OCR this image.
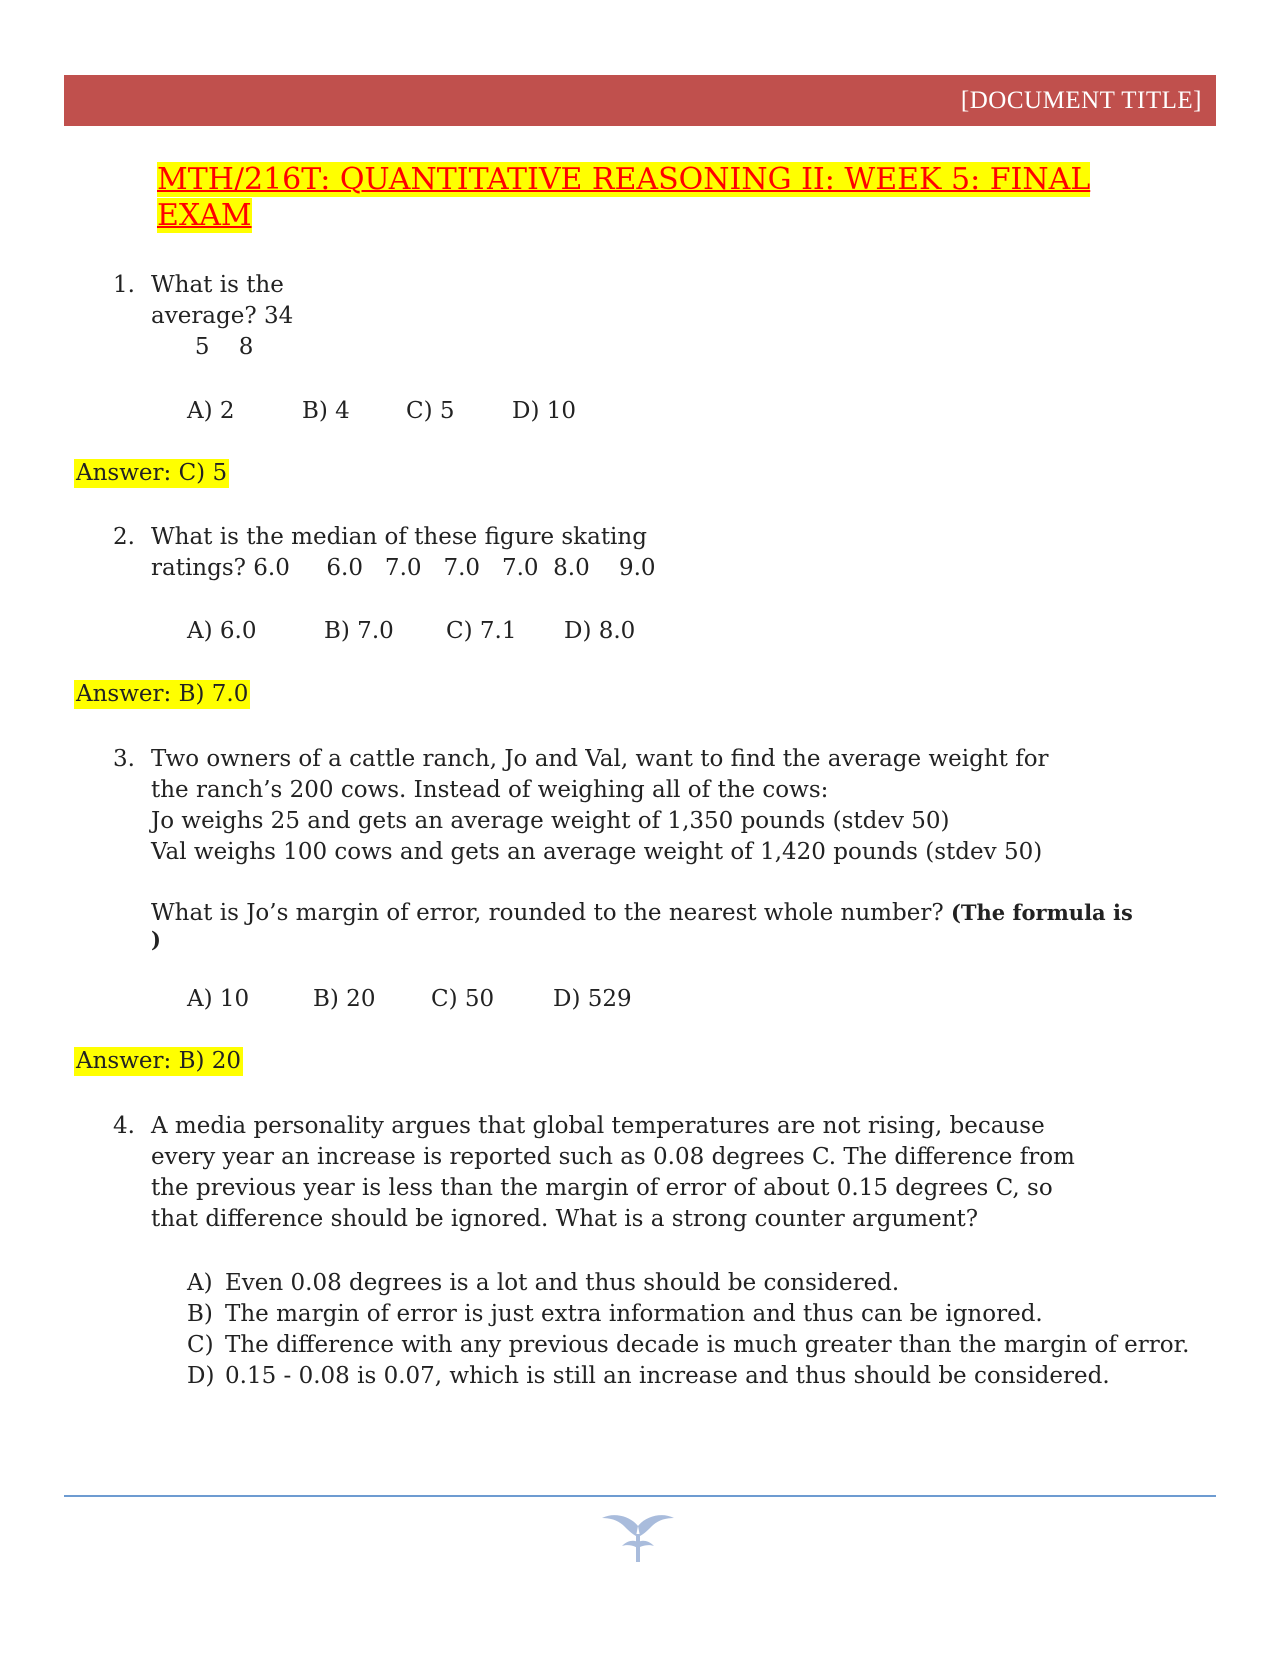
[DOCUMENT TITLE]
MTH/216T: QUANTITATIVE REASONING II: WEEK 5: FINAL
EXAM
1. What is the
average? 34
5    8
A) 2	B) 4 C) 5 D) 10
Answer: C) 5
2. What is the median of these figure skating
ratings? 6.0     6.0   7.0   7.0   7.0  8.0    9.0
A) 6.0	B) 7.0 C) 7.1 D) 8.0
Answer: B) 7.0
3. Two owners of a cattle ranch, Jo and Val, want to find the average weight for
the ranch’s 200 cows. Instead of weighing all of the cows:
Jo weighs 25 and gets an average weight of 1,350 pounds (stdev 50)
Val weighs 100 cows and gets an average weight of 1,420 pounds (stdev 50)
What is Jo’s margin of error, rounded to the nearest whole number? (The formula is
)
A) 10	B) 20 C) 50	D) 529
Answer: B) 20
4. A media personality argues that global temperatures are not rising, because
every year an increase is reported such as 0.08 degrees C. The difference from
the previous year is less than the margin of error of about 0.15 degrees C, so
that difference should be ignored. What is a strong counter argument?
A) Even 0.08 degrees is a lot and thus should be considered.
B) The margin of error is just extra information and thus can be ignored.
C) The difference with any previous decade is much greater than the margin of error.
D) 0.15 - 0.08 is 0.07, which is still an increase and thus should be considered.
